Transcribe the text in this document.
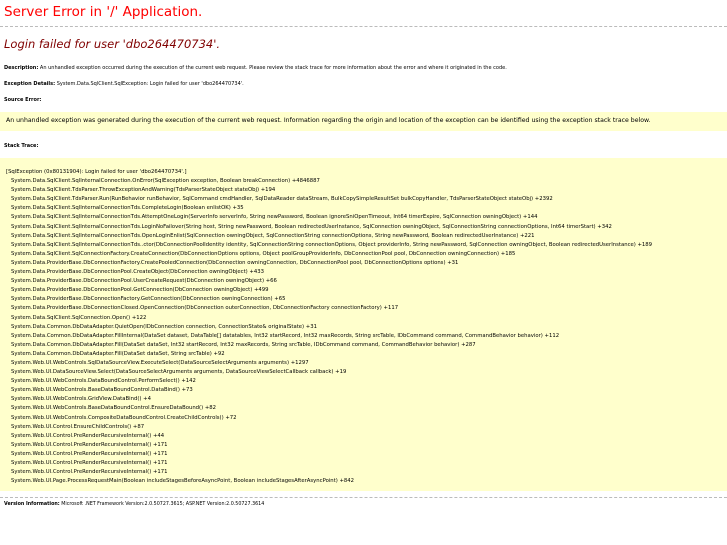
Server Error in '/' Application.
Login failed for user 'dbo264470734'.
Description: An unhandled exception occurred during the execution of the current web request. Please review the stack trace for more information about the error and where it originated in the code.
Exception Details: System.Data.SqlClient.SqlException: Login failed for user 'dbo264470734'.
Source Error:
An unhandled exception was generated during the execution of the current web request. Information regarding the origin and location of the exception can be identified using the exception stack trace below.
Stack Trace:
[SqlException (0x80131904): Login failed for user 'dbo264470734'.]
System.Data.SqlClient.SqlInternalConnection.OnError(SqlException exception, Boolean breakConnection) +4846887
System.Data.SqlClient.TdsParser.ThrowExceptionAndWarning(TdsParserStateObject stateObj) +194
System.Data.SqlClient.TdsParser.Run(RunBehavior runBehavior, SqlCommand cmdHandler, SqlDataReader dataStream, BulkCopySimpleResultSet bulkCopyHandler, TdsParserStateObject stateObj) +2392
System.Data.SqlClient.SqlInternalConnectionTds.CompleteLogin(Boolean enlistOK) +35
System.Data.SqlClient.SqlInternalConnectionTds.AttemptOneLogin(ServerInfo serverInfo, String newPassword, Boolean ignoreSniOpenTimeout, Int64 timerExpire, SqlConnection owningObject) +144
System.Data.SqlClient.SqlInternalConnectionTds.LoginNoFailover(String host, String newPassword, Boolean redirectedUserInstance, SqlConnection owningObject, SqlConnectionString connectionOptions, Int64 timerStart) +342
System.Data.SqlClient.SqlInternalConnectionTds.OpenLoginEnlist(SqlConnection owningObject, SqlConnectionString connectionOptions, String newPassword, Boolean redirectedUserInstance) +221
System.Data.SqlClient.SqlInternalConnectionTds..ctor(DbConnectionPoolIdentity identity, SqlConnectionString connectionOptions, Object providerInfo, String newPassword, SqlConnection owningObject, Boolean redirectedUserInstance) +189
System.Data.SqlClient.SqlConnectionFactory.CreateConnection(DbConnectionOptions options, Object poolGroupProviderInfo, DbConnectionPool pool, DbConnection owningConnection) +185
System.Data.ProviderBase.DbConnectionFactory.CreatePooledConnection(DbConnection owningConnection, DbConnectionPool pool, DbConnectionOptions options) +31
System.Data.ProviderBase.DbConnectionPool.CreateObject(DbConnection owningObject) +433
System.Data.ProviderBase.DbConnectionPool.UserCreateRequest(DbConnection owningObject) +66
System.Data.ProviderBase.DbConnectionPool.GetConnection(DbConnection owningObject) +499
System.Data.ProviderBase.DbConnectionFactory.GetConnection(DbConnection owningConnection) +65
System.Data.ProviderBase.DbConnectionClosed.OpenConnection(DbConnection outerConnection, DbConnectionFactory connectionFactory) +117
System.Data.SqlClient.SqlConnection.Open() +122
System.Data.Common.DbDataAdapter.QuietOpen(IDbConnection connection, ConnectionState& originalState) +31
System.Data.Common.DbDataAdapter.FillInternal(DataSet dataset, DataTable[] datatables, Int32 startRecord, Int32 maxRecords, String srcTable, IDbCommand command, CommandBehavior behavior) +112
System.Data.Common.DbDataAdapter.Fill(DataSet dataSet, Int32 startRecord, Int32 maxRecords, String srcTable, IDbCommand command, CommandBehavior behavior) +287
System.Data.Common.DbDataAdapter.Fill(DataSet dataSet, String srcTable) +92
System.Web.UI.WebControls.SqlDataSourceView.ExecuteSelect(DataSourceSelectArguments arguments) +1297
System.Web.UI.DataSourceView.Select(DataSourceSelectArguments arguments, DataSourceViewSelectCallback callback) +19
System.Web.UI.WebControls.DataBoundControl.PerformSelect() +142
System.Web.UI.WebControls.BaseDataBoundControl.DataBind() +73
System.Web.UI.WebControls.GridView.DataBind() +4
System.Web.UI.WebControls.BaseDataBoundControl.EnsureDataBound() +82
System.Web.UI.WebControls.CompositeDataBoundControl.CreateChildControls() +72
System.Web.UI.Control.EnsureChildControls() +87
System.Web.UI.Control.PreRenderRecursiveInternal() +44
System.Web.UI.Control.PreRenderRecursiveInternal() +171
System.Web.UI.Control.PreRenderRecursiveInternal() +171
System.Web.UI.Control.PreRenderRecursiveInternal() +171
System.Web.UI.Control.PreRenderRecursiveInternal() +171
System.Web.UI.Page.ProcessRequestMain(Boolean includeStagesBeforeAsyncPoint, Boolean includeStagesAfterAsyncPoint) +842
Version Information: Microsoft .NET Framework Version:2.0.50727.3615; ASP.NET Version:2.0.50727.3614
